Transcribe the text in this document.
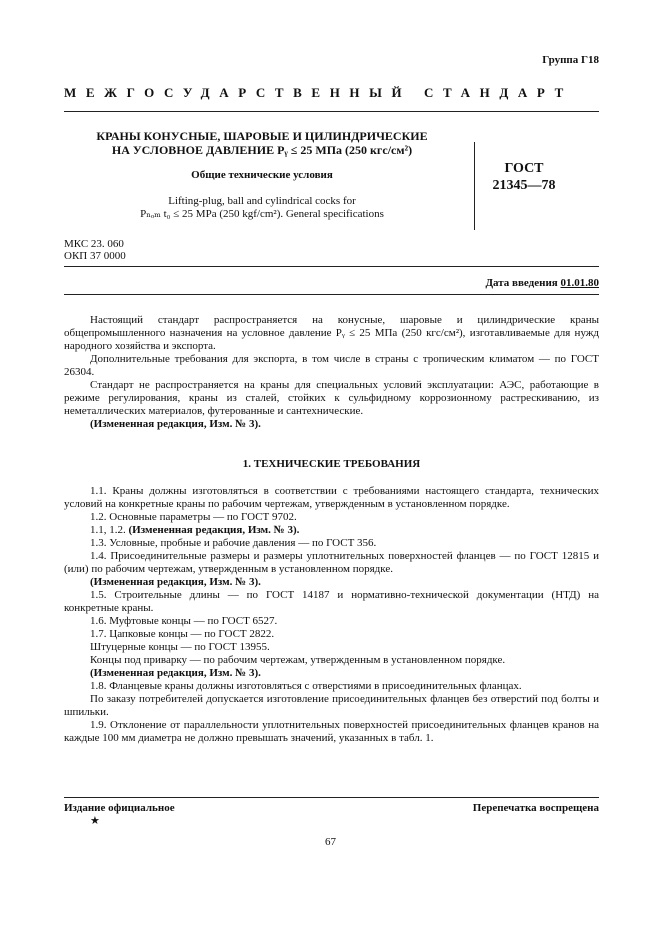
Группа Г18
МЕЖГОСУДАРСТВЕННЫЙ СТАНДАРТ
КРАНЫ КОНУСНЫЕ, ШАРОВЫЕ И ЦИЛИНДРИЧЕСКИЕ
НА УСЛОВНОЕ ДАВЛЕНИЕ Pᵧ ≤ 25 МПа (250 кгс/см²)
Общие технические условия
Lifting-plug, ball and cylindrical cocks for
Pₙₒₘ t₀ ≤ 25 MPa (250 kgf/cm²). General specifications
ГОСТ
21345—78
МКС 23. 060
ОКП 37 0000
Дата введения 01.01.80

Настоящий стандарт распространяется на конусные, шаровые и цилиндрические краны общепромышленного назначения на условное давление Pᵧ ≤ 25 МПа (250 кгс/см²), изготавливаемые для нужд народного хозяйства и экспорта.

Дополнительные требования для экспорта, в том числе в страны с тропическим климатом — по ГОСТ 26304.

Стандарт не распространяется на краны для специальных условий эксплуатации: АЭС, работающие в режиме регулирования, краны из сталей, стойких к сульфидному коррозионному растрескиванию, из неметаллических материалов, футерованные и сантехнические.

(Измененная редакция, Изм. № 3).

1. ТЕХНИЧЕСКИЕ ТРЕБОВАНИЯ

1.1. Краны должны изготовляться в соответствии с требованиями настоящего стандарта, технических условий на конкретные краны по рабочим чертежам, утвержденным в установленном порядке.

1.2. Основные параметры — по ГОСТ 9702.

1.1, 1.2. (Измененная редакция, Изм. № 3).

1.3. Условные, пробные и рабочие давления — по ГОСТ 356.

1.4. Присоединительные размеры и размеры уплотнительных поверхностей фланцев — по ГОСТ 12815 и (или) по рабочим чертежам, утвержденным в установленном порядке.

(Измененная редакция, Изм. № 3).

1.5. Строительные длины — по ГОСТ 14187 и нормативно-технической документации (НТД) на конкретные краны.

1.6. Муфтовые концы — по ГОСТ 6527.

1.7. Цапковые концы — по ГОСТ 2822.

Штуцерные концы — по ГОСТ 13955.

Концы под приварку — по рабочим чертежам, утвержденным в установленном порядке.

(Измененная редакция, Изм. № 3).

1.8. Фланцевые краны должны изготовляться с отверстиями в присоединительных фланцах.

По заказу потребителей допускается изготовление присоединительных фланцев без отверстий под болты и шпильки.

1.9. Отклонение от параллельности уплотнительных поверхностей присоединительных фланцев кранов на каждые 100 мм диаметра не должно превышать значений, указанных в табл. 1.

Издание официальное
★
Перепечатка воспрещена
67
